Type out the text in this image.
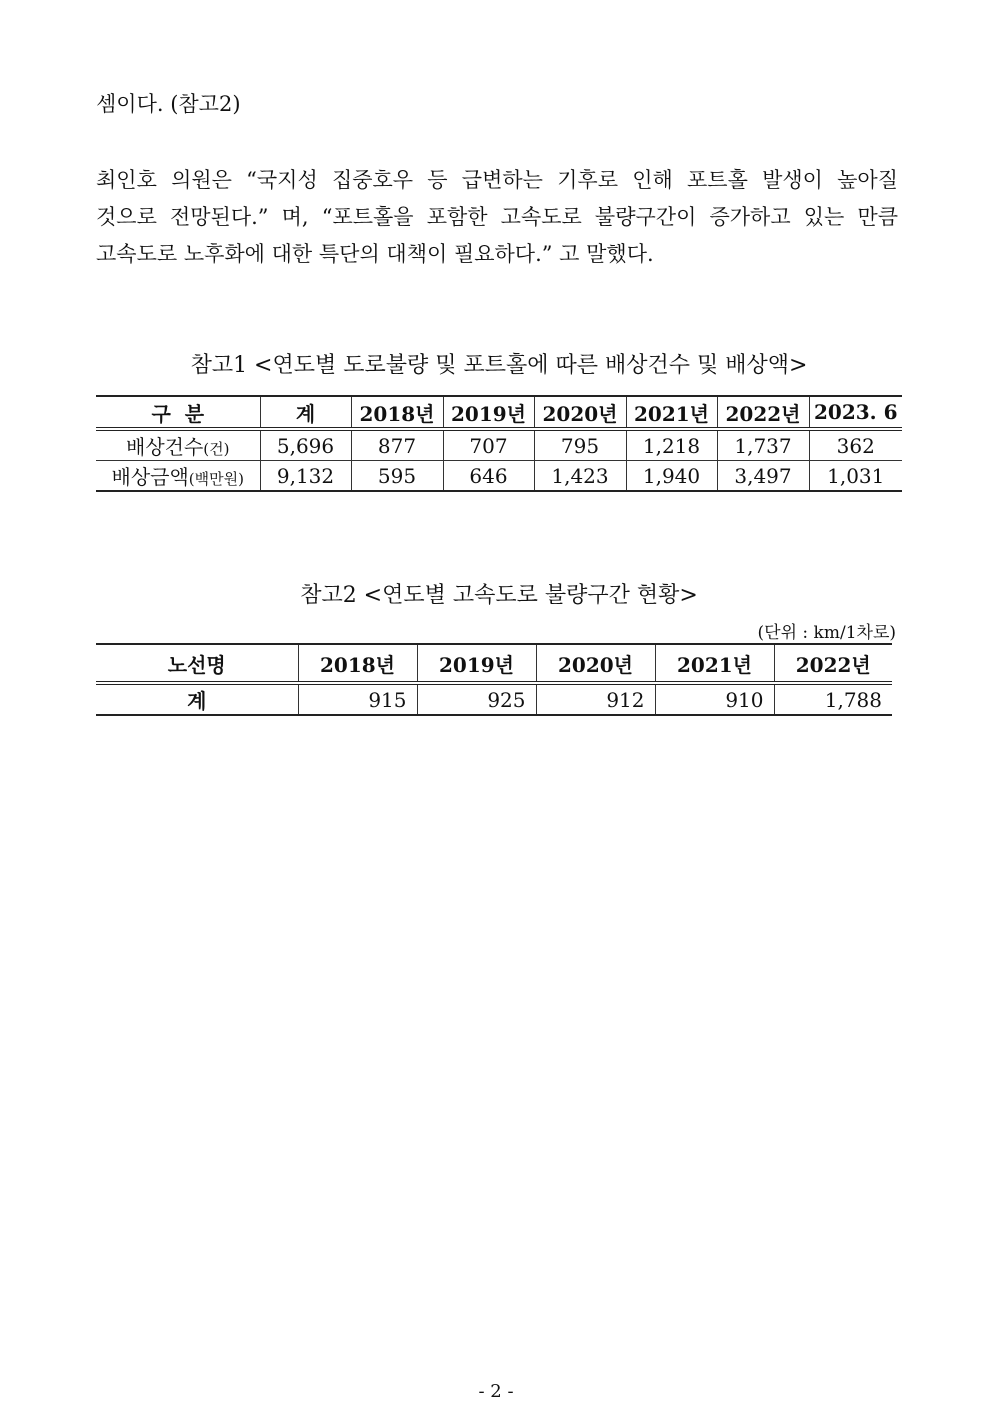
셈이다. (참고2)
최인호 의원은 “국지성 집중호우 등 급변하는 기후로 인해 포트홀 발생이 높아질
것으로 전망된다.” 며, “포트홀을 포함한 고속도로 불량구간이 증가하고 있는 만큼
고속도로 노후화에 대한 특단의 대책이 필요하다.” 고 말했다.
참고1 <연도별 도로불량 및 포트홀에 따른 배상건수 및 배상액>
구  분	계	2018년	2019년	2020년	2021년	2022년	2023. 6
배상건수(건)	5,696	877	707	795	1,218	1,737	362
배상금액(백만원)	9,132	595	646	1,423	1,940	3,497	1,031
참고2 <연도별 고속도로 불량구간 현황>
(단위 : km/1차로)
노선명	2018년	2019년	2020년	2021년	2022년
계	915	925	912	910	1,788
- 2 -
